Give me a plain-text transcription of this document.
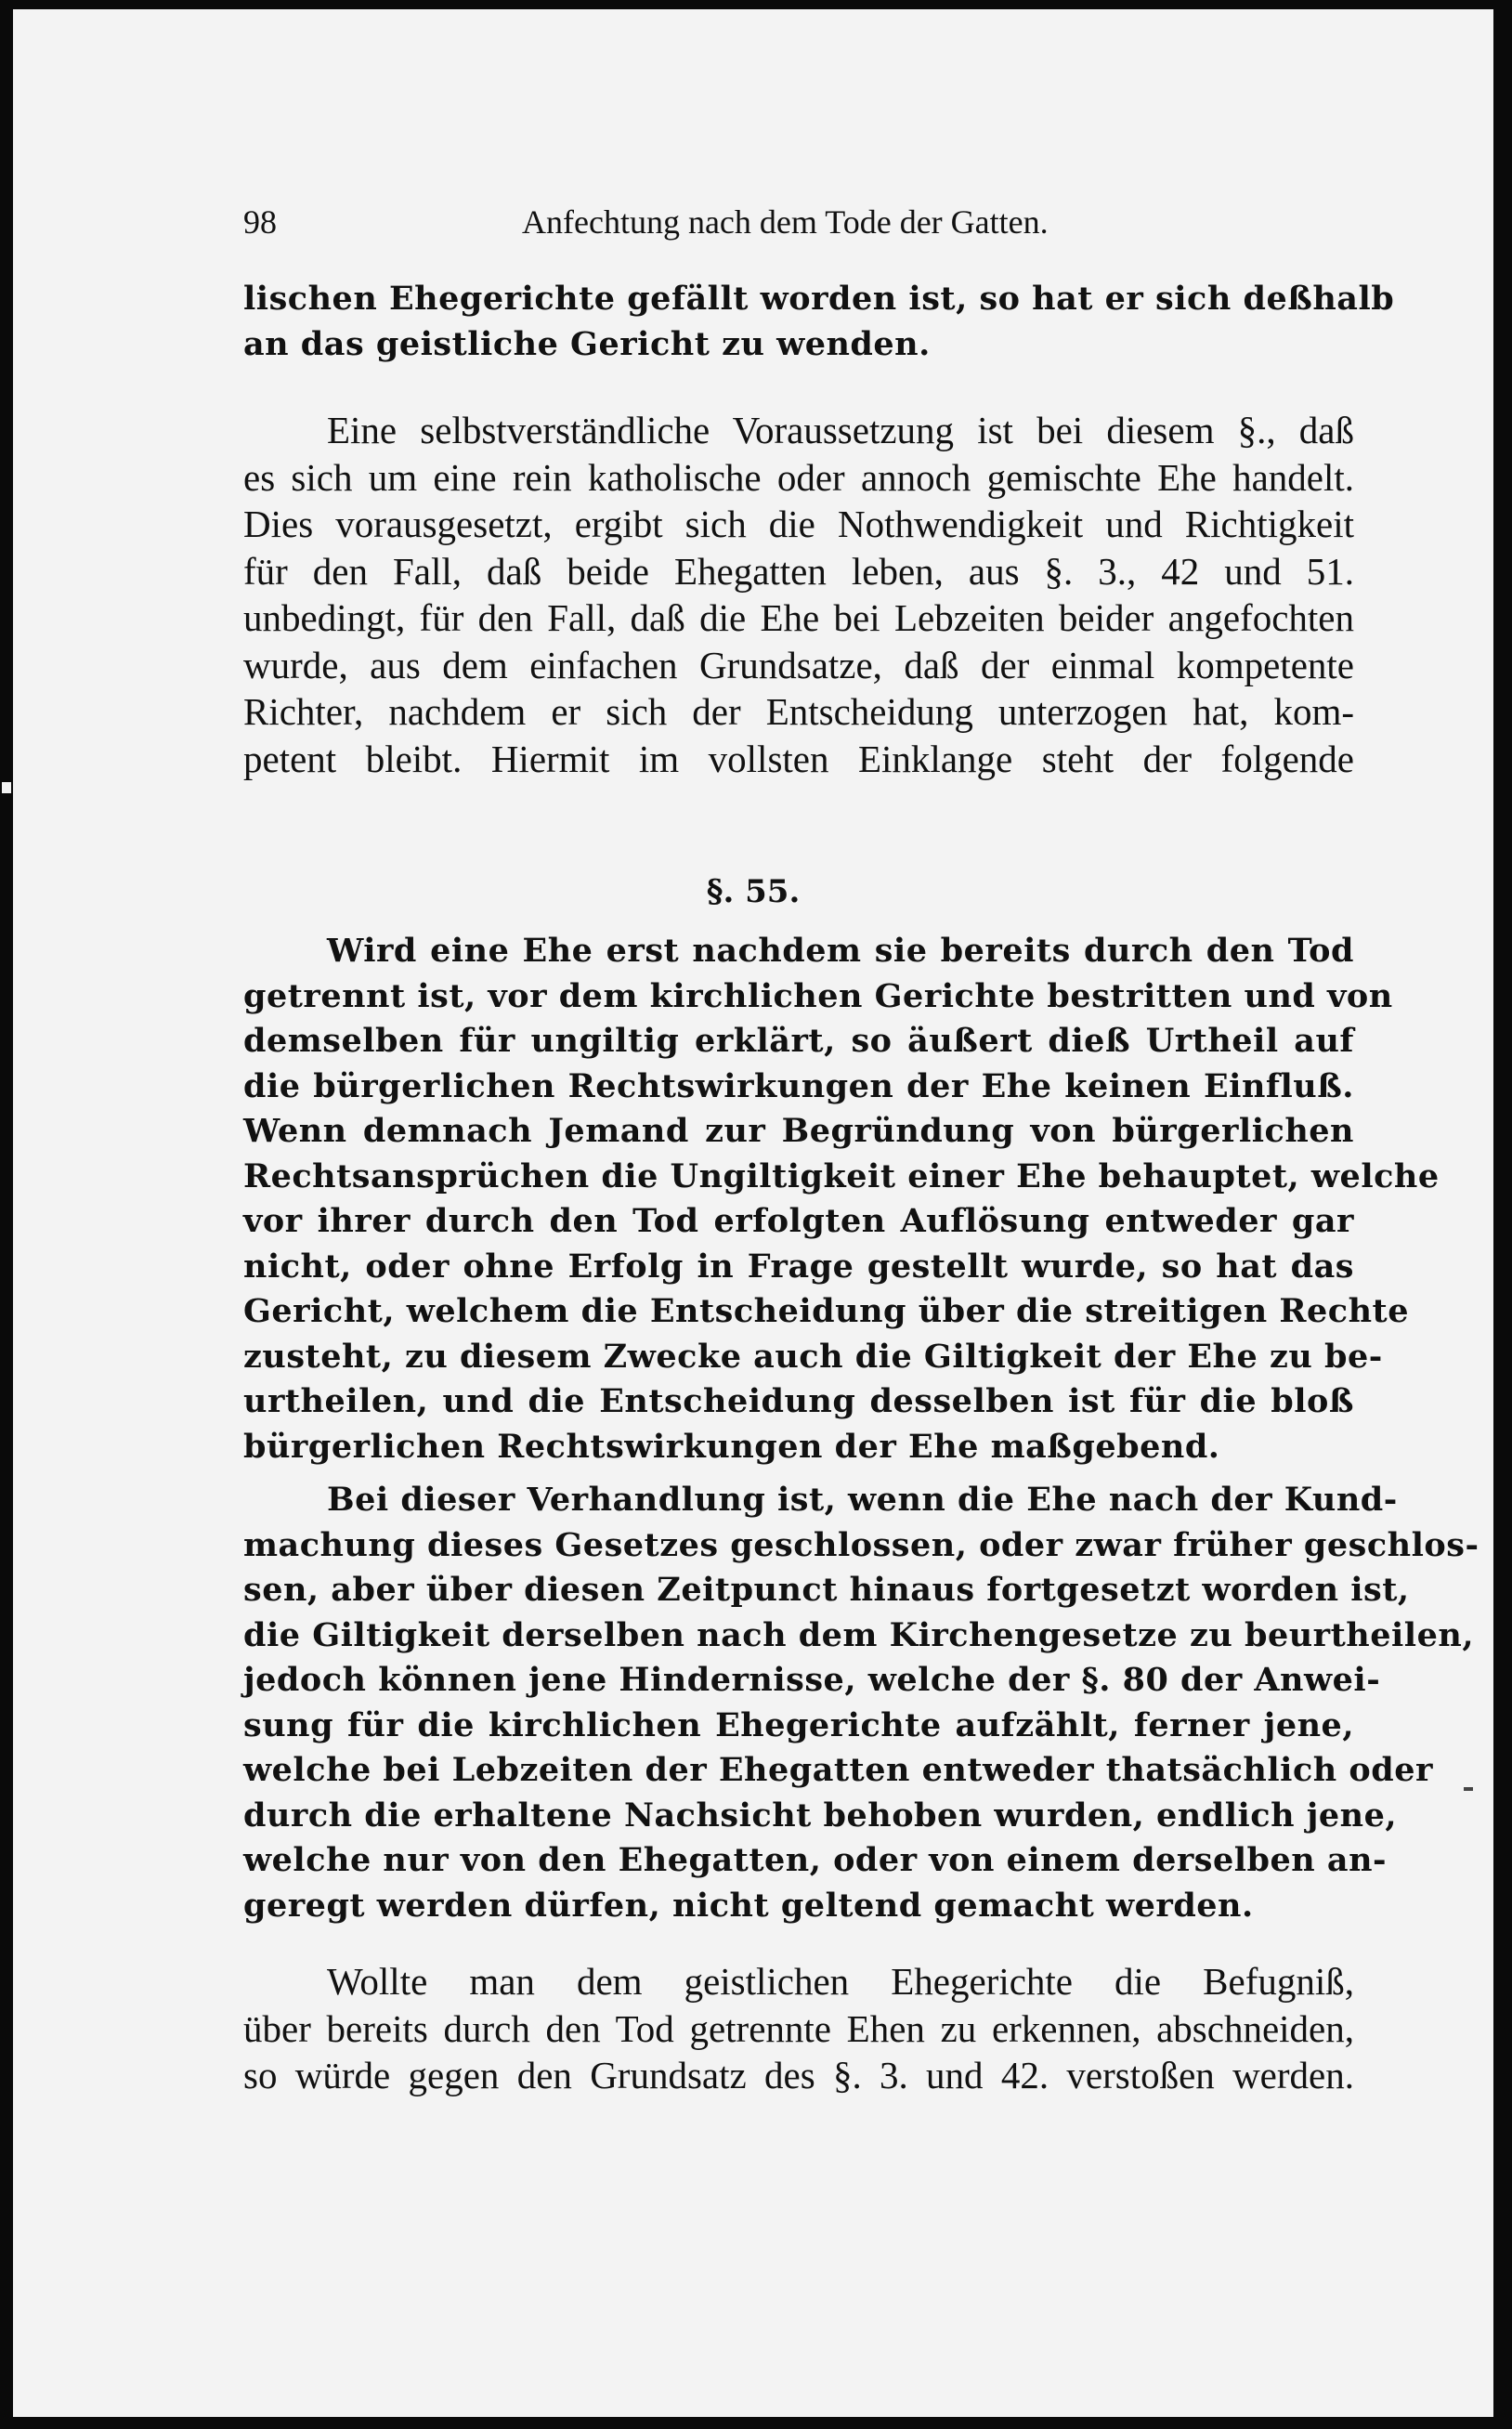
98	Anfechtung nach dem Tode der Gatten.
lischen Ehegerichte gefällt worden ist, so hat er sich deßhalb
an das geistliche Gericht zu wenden.
Eine selbstverständliche Voraussetzung ist bei diesem §., daß
es sich um eine rein katholische oder annoch gemischte Ehe handelt.
Dies vorausgesetzt, ergibt sich die Nothwendigkeit und Richtigkeit
für den Fall, daß beide Ehegatten leben, aus §. 3., 42 und 51.
unbedingt, für den Fall, daß die Ehe bei Lebzeiten beider angefochten
wurde, aus dem einfachen Grundsatze, daß der einmal kompetente
Richter, nachdem er sich der Entscheidung unterzogen hat, kom-
petent bleibt. Hiermit im vollsten Einklange steht der folgende
§. 55.
Wird eine Ehe erst nachdem sie bereits durch den Tod
getrennt ist, vor dem kirchlichen Gerichte bestritten und von
demselben für ungiltig erklärt, so äußert dieß Urtheil auf
die bürgerlichen Rechtswirkungen der Ehe keinen Einfluß.
Wenn demnach Jemand zur Begründung von bürgerlichen
Rechtsansprüchen die Ungiltigkeit einer Ehe behauptet, welche
vor ihrer durch den Tod erfolgten Auflösung entweder gar
nicht, oder ohne Erfolg in Frage gestellt wurde, so hat das
Gericht, welchem die Entscheidung über die streitigen Rechte
zusteht, zu diesem Zwecke auch die Giltigkeit der Ehe zu be-
urtheilen, und die Entscheidung desselben ist für die bloß
bürgerlichen Rechtswirkungen der Ehe maßgebend.
Bei dieser Verhandlung ist, wenn die Ehe nach der Kund-
machung dieses Gesetzes geschlossen, oder zwar früher geschlos-
sen, aber über diesen Zeitpunct hinaus fortgesetzt worden ist,
die Giltigkeit derselben nach dem Kirchengesetze zu beurtheilen,
jedoch können jene Hindernisse, welche der §. 80 der Anwei-
sung für die kirchlichen Ehegerichte aufzählt, ferner jene,
welche bei Lebzeiten der Ehegatten entweder thatsächlich oder
durch die erhaltene Nachsicht behoben wurden, endlich jene,
welche nur von den Ehegatten, oder von einem derselben an-
geregt werden dürfen, nicht geltend gemacht werden.
Wollte man dem geistlichen Ehegerichte die Befugniß,
über bereits durch den Tod getrennte Ehen zu erkennen, abschneiden,
so würde gegen den Grundsatz des §. 3. und 42. verstoßen werden.
